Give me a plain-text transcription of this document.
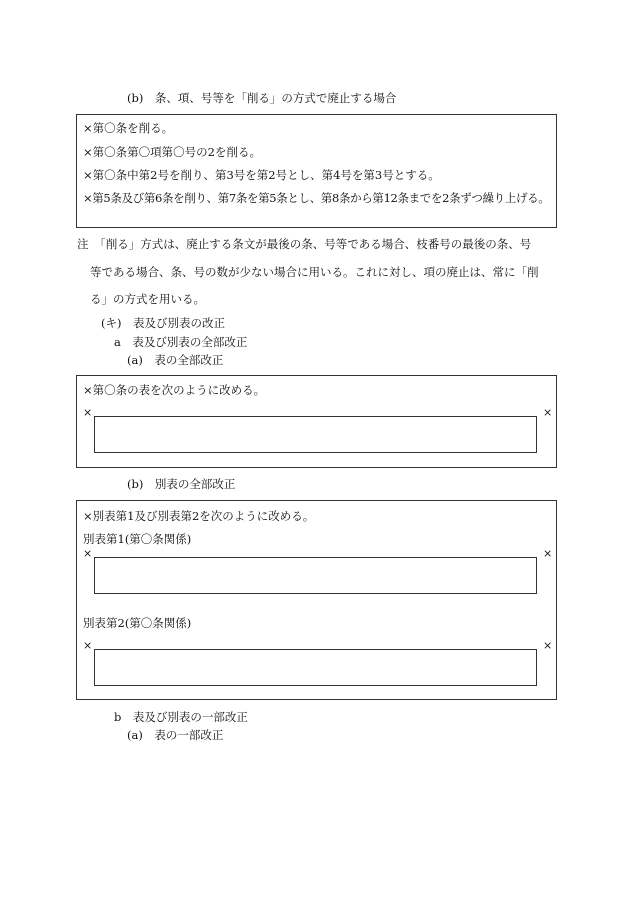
(b)　条、項、号等を「削る」の方式で廃止する場合
×第〇条を削る。
×第〇条第〇項第〇号の2を削る。
×第〇条中第2号を削り、第3号を第2号とし、第4号を第3号とする。
×第5条及び第6条を削り、第7条を第5条とし、第8条から第12条までを2条ずつ繰り上げる。
注　「削る」方式は、廃止する条文が最後の条、号等である場合、枝番号の最後の条、号
等である場合、条、号の数が少ない場合に用いる。これに対し、項の廃止は、常に「削
る」の方式を用いる。
(キ)　表及び別表の改正
a　表及び別表の全部改正
(a)　表の全部改正
×第〇条の表を次のように改める。
×	×
(b)　別表の全部改正
×別表第1及び別表第2を次のように改める。
別表第1(第〇条関係)
×	×
別表第2(第〇条関係)
×	×
b　表及び別表の一部改正
(a)　表の一部改正
